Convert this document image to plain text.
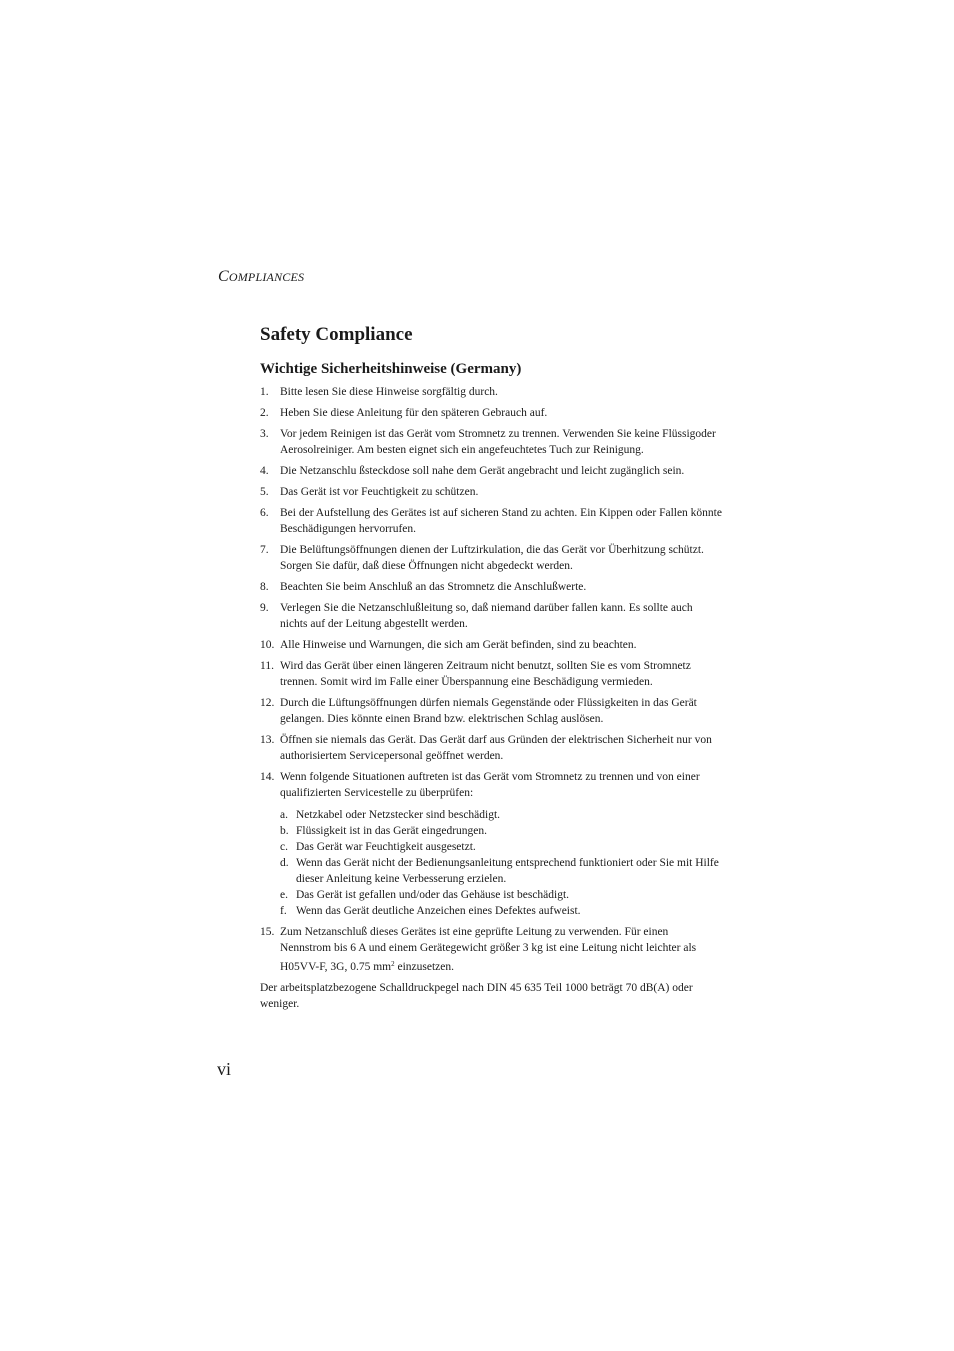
COMPLIANCES
Safety Compliance
Wichtige Sicherheitshinweise (Germany)
1. Bitte lesen Sie diese Hinweise sorgfältig durch.
2. Heben Sie diese Anleitung für den späteren Gebrauch auf.
3. Vor jedem Reinigen ist das Gerät vom Stromnetz zu trennen. Verwenden Sie keine Flüssigoder Aerosolreiniger. Am besten eignet sich ein angefeuchtetes Tuch zur Reinigung.
4. Die Netzanschlu ßsteckdose soll nahe dem Gerät angebracht und leicht zugänglich sein.
5. Das Gerät ist vor Feuchtigkeit zu schützen.
6. Bei der Aufstellung des Gerätes ist auf sicheren Stand zu achten. Ein Kippen oder Fallen könnte Beschädigungen hervorrufen.
7. Die Belüftungsöffnungen dienen der Luftzirkulation, die das Gerät vor Überhitzung schützt. Sorgen Sie dafür, daß diese Öffnungen nicht abgedeckt werden.
8. Beachten Sie beim Anschluß an das Stromnetz die Anschlußwerte.
9. Verlegen Sie die Netzanschlußleitung so, daß niemand darüber fallen kann. Es sollte auch nichts auf der Leitung abgestellt werden.
10. Alle Hinweise und Warnungen, die sich am Gerät befinden, sind zu beachten.
11. Wird das Gerät über einen längeren Zeitraum nicht benutzt, sollten Sie es vom Stromnetz trennen. Somit wird im Falle einer Überspannung eine Beschädigung vermieden.
12. Durch die Lüftungsöffnungen dürfen niemals Gegenstände oder Flüssigkeiten in das Gerät gelangen. Dies könnte einen Brand bzw. elektrischen Schlag auslösen.
13. Öffnen sie niemals das Gerät. Das Gerät darf aus Gründen der elektrischen Sicherheit nur von authorisiertem Servicepersonal geöffnet werden.
14. Wenn folgende Situationen auftreten ist das Gerät vom Stromnetz zu trennen und von einer qualifizierten Servicestelle zu überprüfen:
a. Netzkabel oder Netzstecker sind beschädigt.
b. Flüssigkeit ist in das Gerät eingedrungen.
c. Das Gerät war Feuchtigkeit ausgesetzt.
d. Wenn das Gerät nicht der Bedienungsanleitung entsprechend funktioniert oder Sie mit Hilfe dieser Anleitung keine Verbesserung erzielen.
e. Das Gerät ist gefallen und/oder das Gehäuse ist beschädigt.
f. Wenn das Gerät deutliche Anzeichen eines Defektes aufweist.
15. Zum Netzanschluß dieses Gerätes ist eine geprüfte Leitung zu verwenden. Für einen Nennstrom bis 6 A und einem Gerätegewicht größer 3 kg ist eine Leitung nicht leichter als H05VV-F, 3G, 0.75 $mm^2$ einzusetzen.

Der arbeitsplatzbezogene Schalldruckpegel nach DIN 45 635 Teil 1000 beträgt 70 dB(A) oder weniger.

vi
